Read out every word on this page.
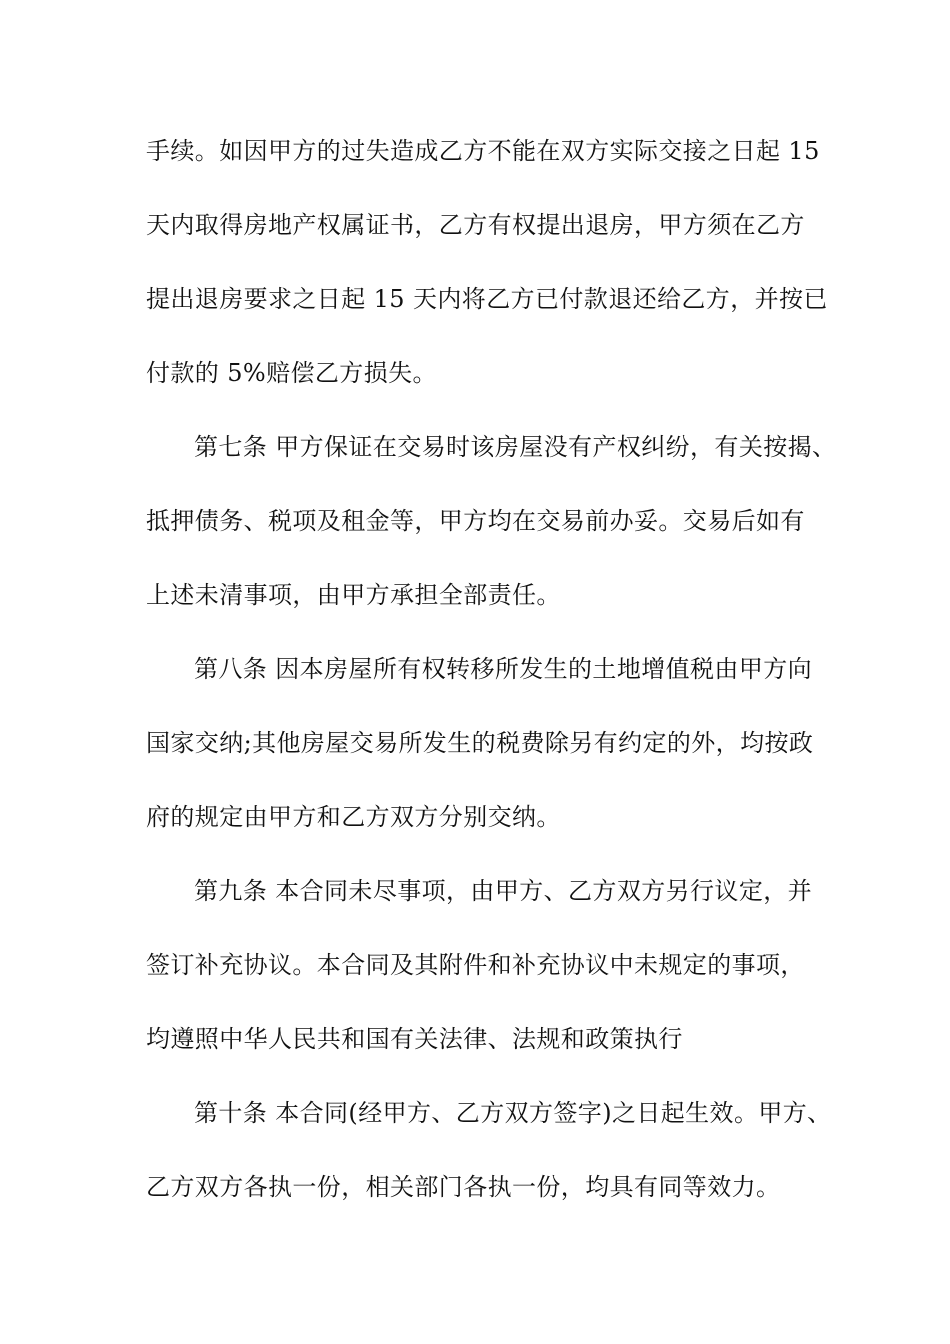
手续。如因甲方的过失造成乙方不能在双方实际交接之日起 15
天内取得房地产权属证书，乙方有权提出退房，甲方须在乙方
提出退房要求之日起 15 天内将乙方已付款退还给乙方，并按已
付款的 5%赔偿乙方损失。
第七条 甲方保证在交易时该房屋没有产权纠纷，有关按揭、
抵押债务、税项及租金等，甲方均在交易前办妥。交易后如有
上述未清事项，由甲方承担全部责任。
第八条 因本房屋所有权转移所发生的土地增值税由甲方向
国家交纳;其他房屋交易所发生的税费除另有约定的外，均按政
府的规定由甲方和乙方双方分别交纳。
第九条 本合同未尽事项，由甲方、乙方双方另行议定，并
签订补充协议。本合同及其附件和补充协议中未规定的事项，
均遵照中华人民共和国有关法律、法规和政策执行
第十条 本合同(经甲方、乙方双方签字)之日起生效。甲方、
乙方双方各执一份，相关部门各执一份，均具有同等效力。
